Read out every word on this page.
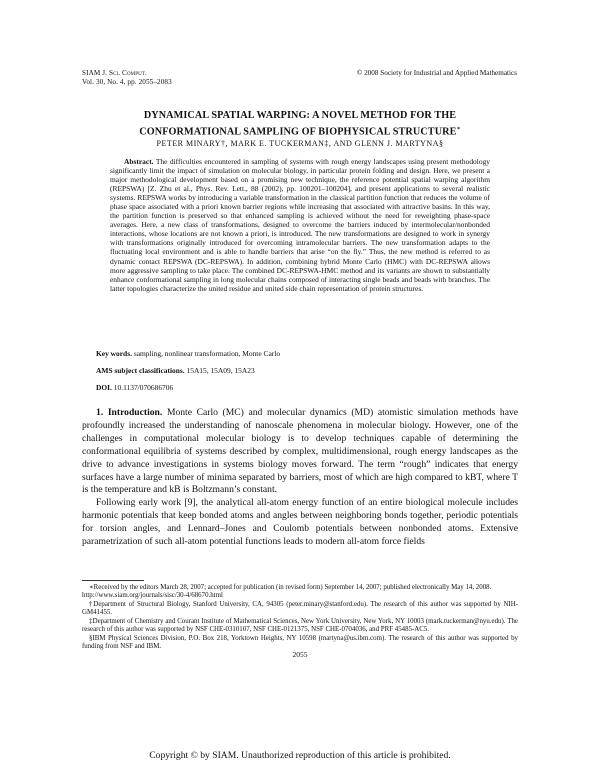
SIAM J. Sci. Comput.
Vol. 30, No. 4, pp. 2055–2083
© 2008 Society for Industrial and Applied Mathematics
DYNAMICAL SPATIAL WARPING: A NOVEL METHOD FOR THE
CONFORMATIONAL SAMPLING OF BIOPHYSICAL STRUCTURE∗
PETER MINARY†, MARK E. TUCKERMAN‡, AND GLENN J. MARTYNA§
Abstract. The difficulties encountered in sampling of systems with rough energy landscapes using present methodology significantly limit the impact of simulation on molecular biology, in particular protein folding and design. Here, we present a major methodological development based on a promising new technique, the reference potential spatial warping algorithm (REPSWA) [Z. Zhu et al., Phys. Rev. Lett., 88 (2002), pp. 100201–100204], and present applications to several realistic systems. REPSWA works by introducing a variable transformation in the classical partition function that reduces the volume of phase space associated with a priori known barrier regions while increasing that associated with attractive basins. In this way, the partition function is preserved so that enhanced sampling is achieved without the need for reweighting phase-space averages. Here, a new class of transformations, designed to overcome the barriers induced by intermolecular/nonbonded interactions, whose locations are not known a priori, is introduced. The new transformations are designed to work in synergy with transformations originally introduced for overcoming intramolecular barriers. The new transformation adapts to the fluctuating local environment and is able to handle barriers that arise “on the fly.” Thus, the new method is referred to as dynamic contact REPSWA (DC-REPSWA). In addition, combining hybrid Monte Carlo (HMC) with DC-REPSWA allows more aggressive sampling to take place. The combined DC-REPSWA-HMC method and its variants are shown to substantially enhance conformational sampling in long molecular chains composed of interacting single beads and beads with branches. The latter topologies characterize the united residue and united side chain representation of protein structures.
Key words. sampling, nonlinear transformation, Monte Carlo
AMS subject classifications. 15A15, 15A09, 15A23
DOI. 10.1137/070686706

1. Introduction. Monte Carlo (MC) and molecular dynamics (MD) atomistic simulation methods have profoundly increased the understanding of nanoscale phenomena in molecular biology. However, one of the challenges in computational molecular biology is to develop techniques capable of determining the conformational equilibria of systems described by complex, multidimensional, rough energy landscapes as the drive to advance investigations in systems biology moves forward. The term “rough” indicates that energy surfaces have a large number of minima separated by barriers, most of which are high compared to kBT, where T is the temperature and kB is Boltzmann’s constant.

Following early work [9], the analytical all-atom energy function of an entire biological molecule includes harmonic potentials that keep bonded atoms and angles between neighboring bonds together, periodic potentials for torsion angles, and Lennard–Jones and Coulomb potentials between nonbonded atoms. Extensive parametrization of such all-atom potential functions leads to modern all-atom force fields

∗Received by the editors March 28, 2007; accepted for publication (in revised form) September 14, 2007; published electronically May 14, 2008.
http://www.siam.org/journals/sisc/30-4/68670.html

†Department of Structural Biology, Stanford University, CA, 94305 (peter.minary@stanford.edu). The research of this author was supported by NIH-GM41455.

‡Department of Chemistry and Courant Institute of Mathematical Sciences, New York University, New York, NY 10003 (mark.tuckerman@nyu.edu). The research of this author was supported by NSF CHE-0310107, NSF CHE-0121375, NSF CHE-0704036, and PRF 45485-AC5.

§IBM Physical Sciences Division, P.O. Box 218, Yorktown Heights, NY 10598 (martyna@us.ibm.com). The research of this author was supported by funding from NSF and IBM.

2055
Copyright © by SIAM. Unauthorized reproduction of this article is prohibited.
